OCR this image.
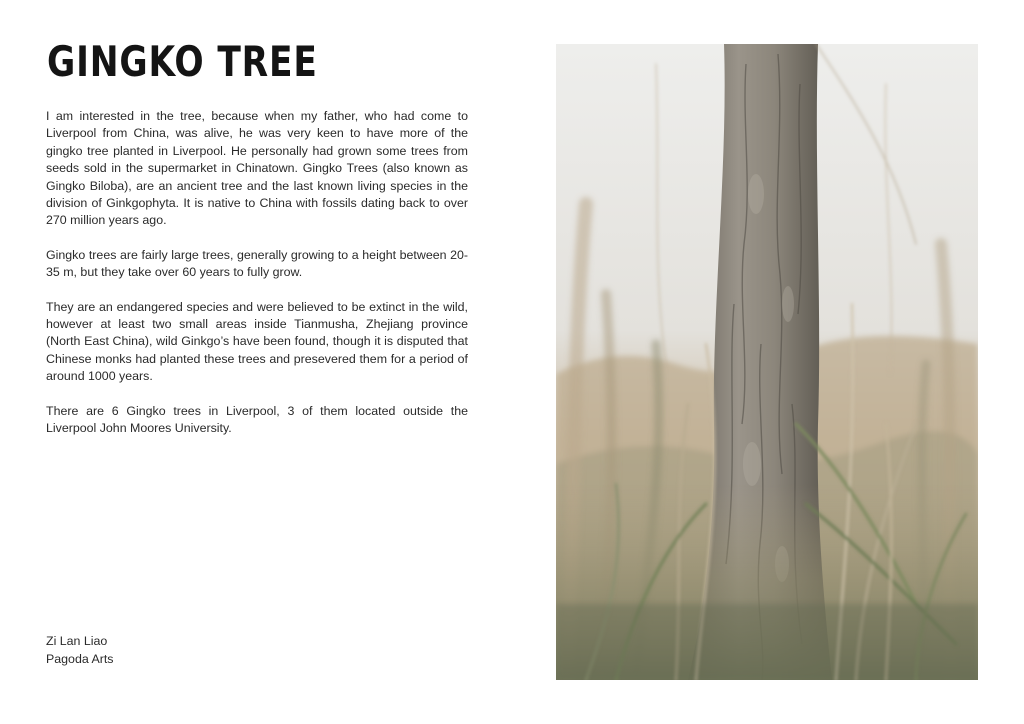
GINGKO TREE

I am interested in the tree, because when my father, who had come to Liverpool from China, was alive, he was very keen to have more of the gingko tree planted in Liverpool. He personally had grown some trees from seeds sold in the supermarket in Chinatown. Gingko Trees (also known as Gingko Biloba), are an ancient tree and the last known living species in the division of Ginkgophyta. It is native to China with fossils dating back to over 270 million years ago.

Gingko trees are fairly large trees, generally growing to a height between 20-35 m, but they take over 60 years to fully grow.

They are an endangered species and were believed to be extinct in the wild, however at least two small areas inside Tianmusha, Zhejiang province (North East China), wild Ginkgo’s have been found, though it is disputed that Chinese monks had planted these trees and presevered them for a period of around 1000 years.

There are 6 Gingko trees in Liverpool, 3 of them located outside the Liverpool John Moores University.

Zi Lan Liao
Pagoda Arts
